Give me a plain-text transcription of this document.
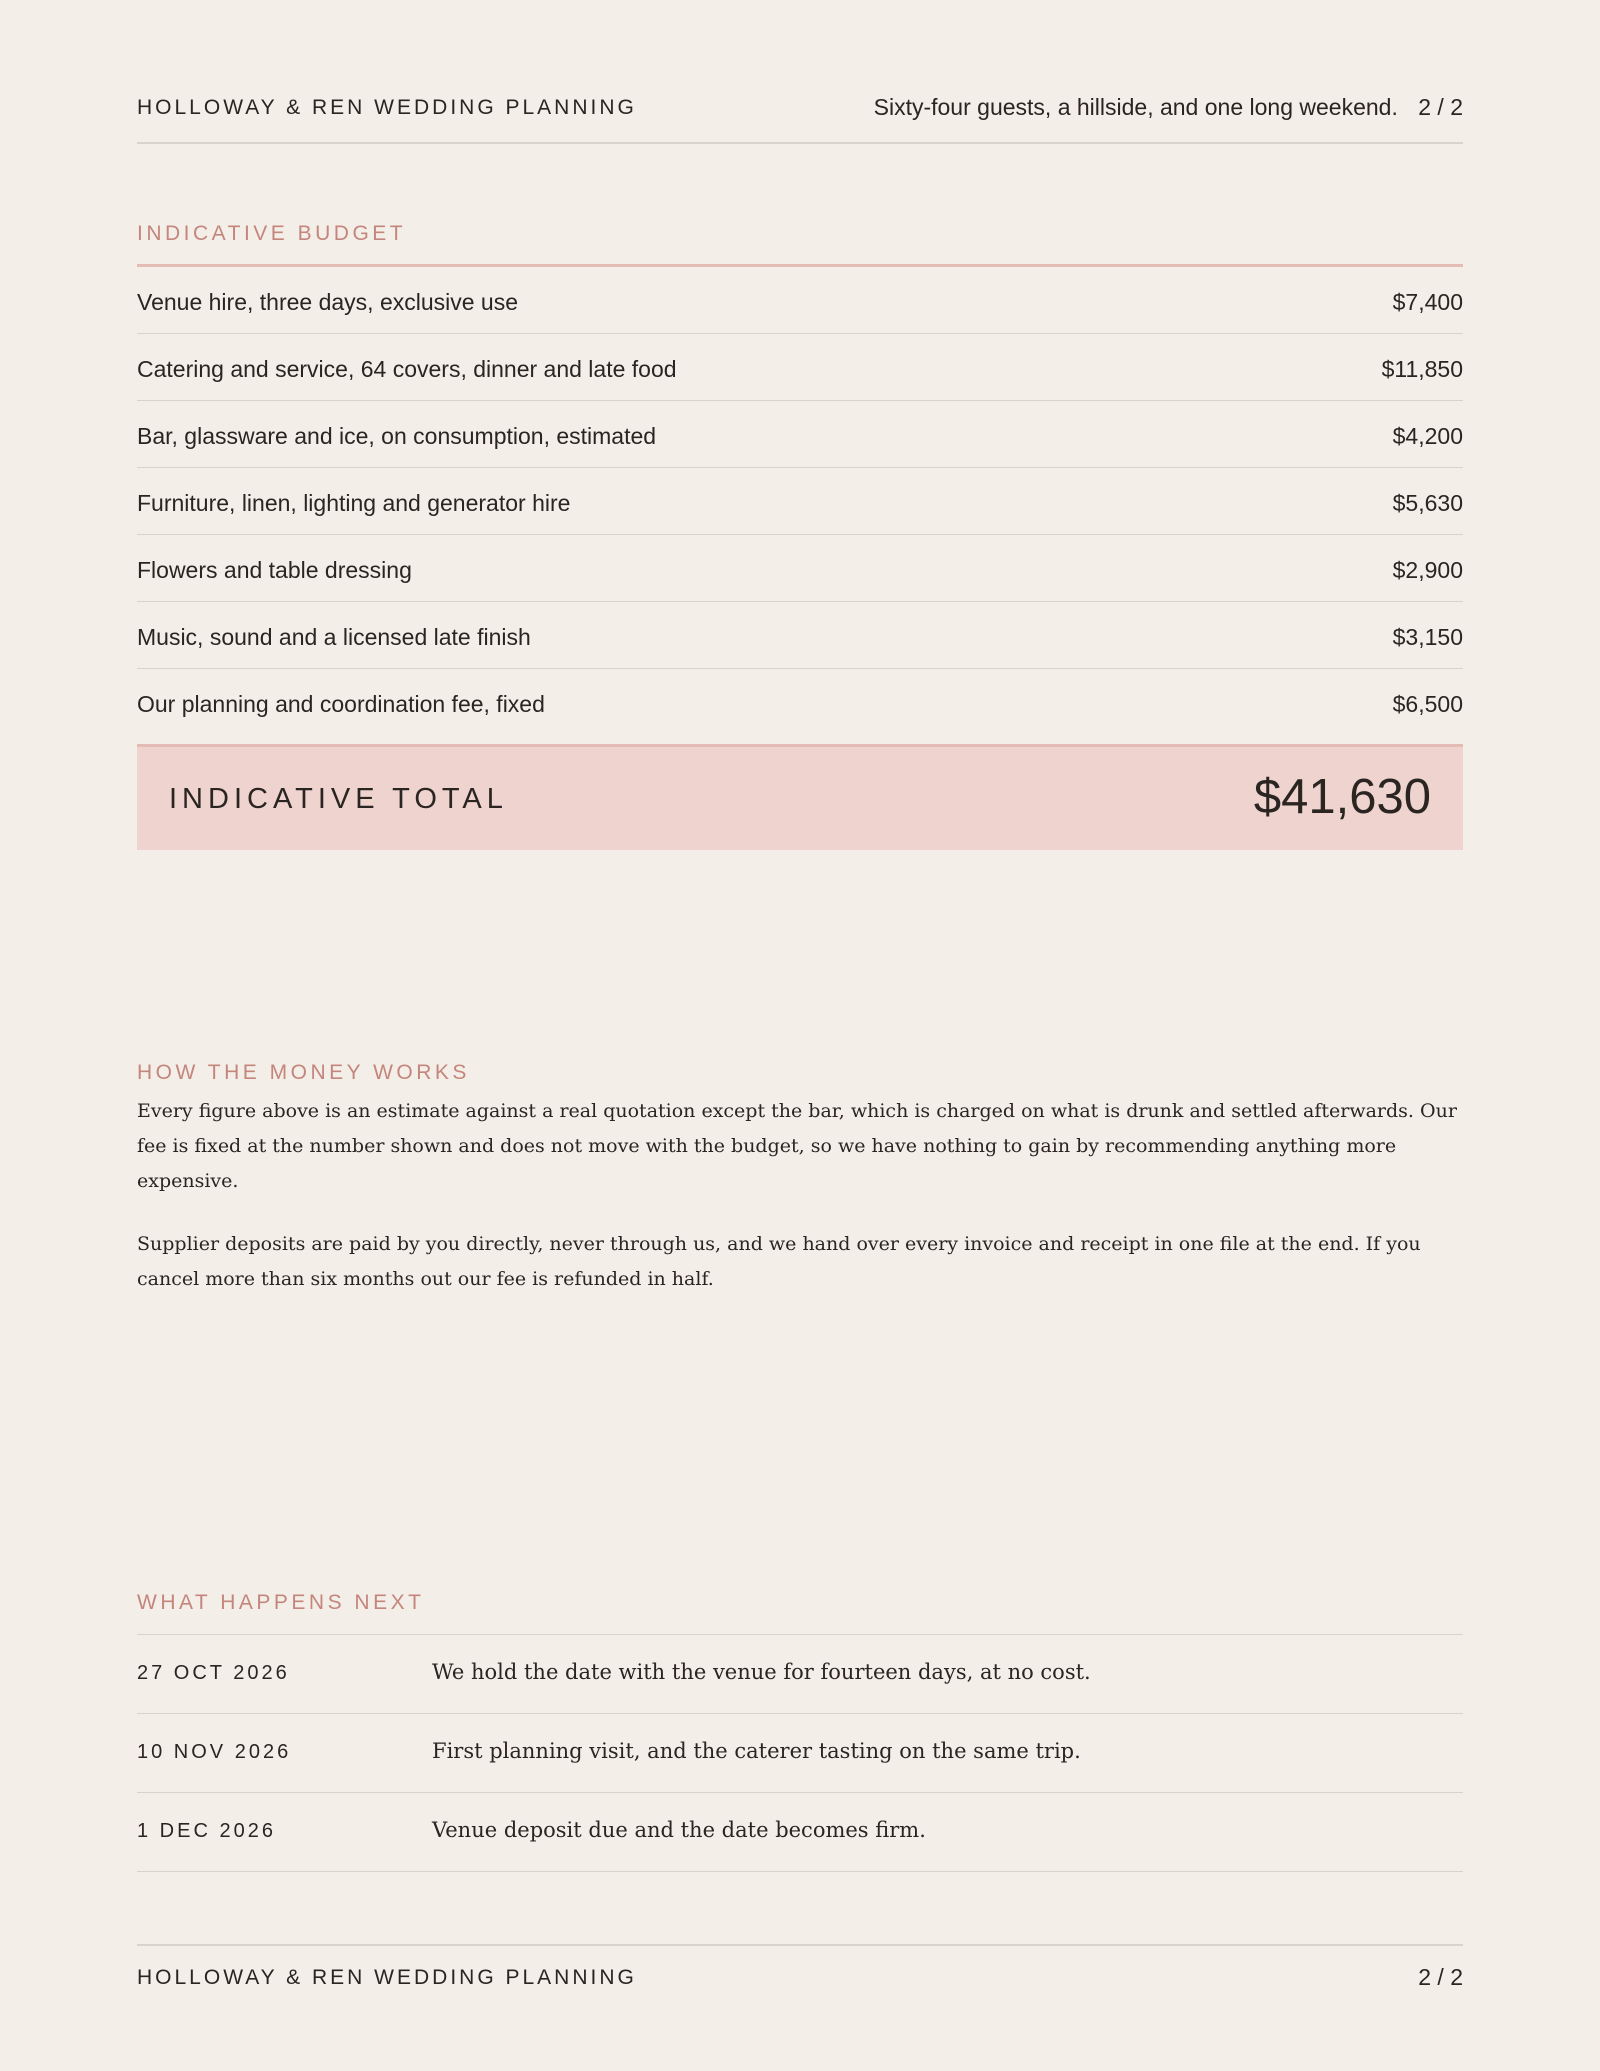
HOLLOWAY & REN WEDDING PLANNING	Sixty-four guests, a hillside, and one long weekend. 2 / 2
INDICATIVE BUDGET
Venue hire, three days, exclusive use	$7,400
Catering and service, 64 covers, dinner and late food	$11,850
Bar, glassware and ice, on consumption, estimated	$4,200
Furniture, linen, lighting and generator hire	$5,630
Flowers and table dressing	$2,900
Music, sound and a licensed late finish	$3,150
Our planning and coordination fee, fixed	$6,500
INDICATIVE TOTAL	$41,630
HOW THE MONEY WORKS

Every figure above is an estimate against a real quotation except the bar, which is charged on what is drunk and settled afterwards. Our fee is fixed at the number shown and does not move with the budget, so we have nothing to gain by recommending anything more expensive.

Supplier deposits are paid by you directly, never through us, and we hand over every invoice and receipt in one file at the end. If you cancel more than six months out our fee is refunded in half.

WHAT HAPPENS NEXT
27 OCT 2026	We hold the date with the venue for fourteen days, at no cost.
10 NOV 2026	First planning visit, and the caterer tasting on the same trip.
1 DEC 2026	Venue deposit due and the date becomes firm.
HOLLOWAY & REN WEDDING PLANNING	2 / 2
